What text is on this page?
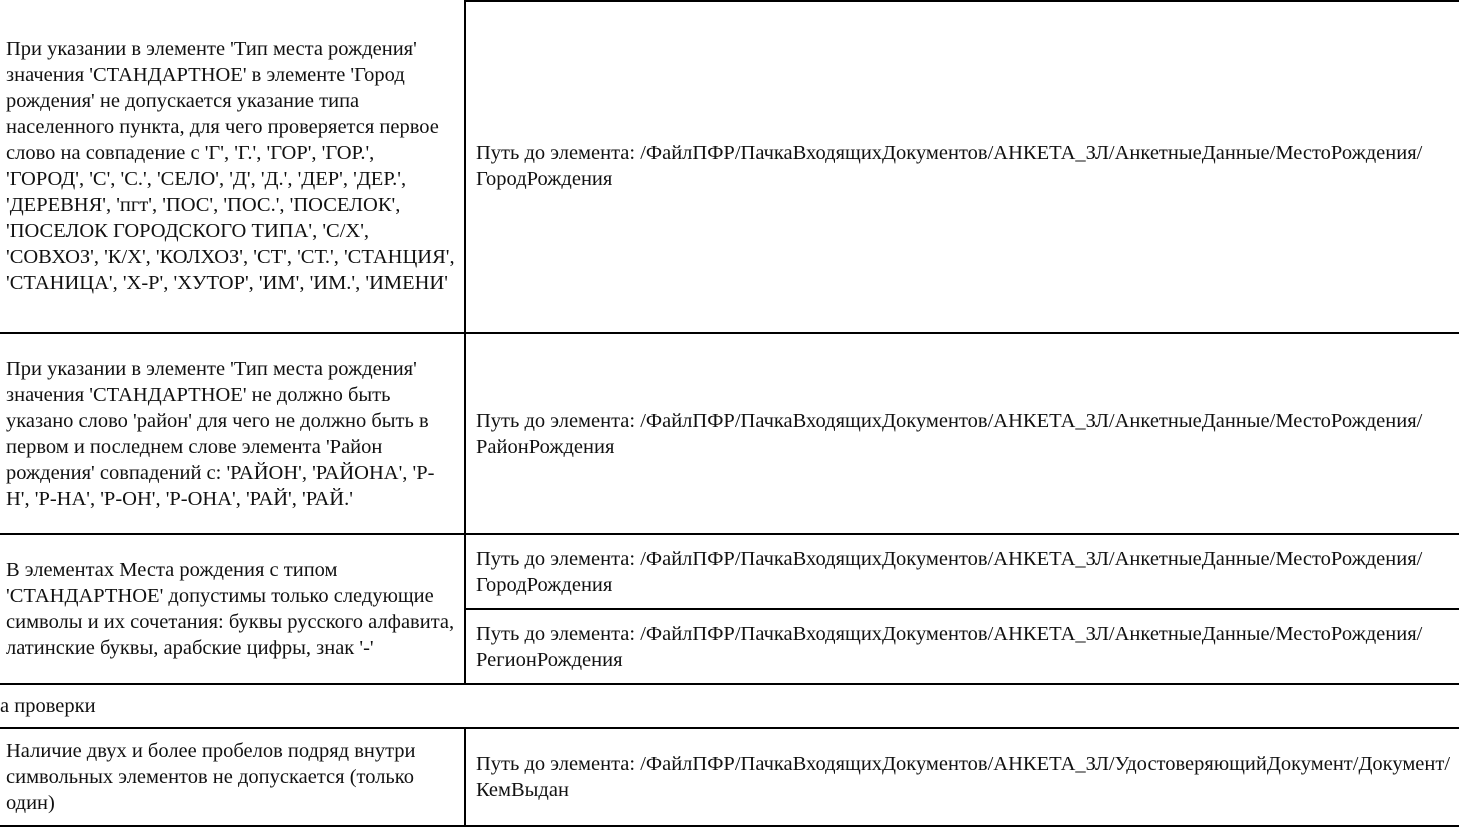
При указании в элементе 'Тип места рождения' значения 'СТАНДАРТНОЕ' в элементе 'Город рождения' не допускается указание типа населенного пункта, для чего проверяется первое слово на совпадение с 'Г', 'Г.', 'ГОР', 'ГОР.', 'ГОРОД', 'С', 'С.', 'СЕЛО', 'Д', 'Д.', 'ДЕР', 'ДЕР.', 'ДЕРЕВНЯ', 'пгт', 'ПОС', 'ПОС.', 'ПОСЕЛОК', 'ПОСЕЛОК ГОРОДСКОГО ТИПА', 'С/Х', 'СОВХОЗ', 'К/Х', 'КОЛХОЗ', 'СТ', 'СТ.', 'СТАНЦИЯ', 'СТАНИЦА', 'Х-Р', 'ХУТОР', 'ИМ', 'ИМ.', 'ИМЕНИ'	Путь до элемента: /ФайлПФР/ПачкаВходящихДокументов/АНКЕТА_ЗЛ/АнкетныеДанные/МестоРождения/ГородРождения
При указании в элементе 'Тип места рождения' значения 'СТАНДАРТНОЕ' не должно быть указано слово 'район' для чего не должно быть в первом и последнем слове элемента 'Район рождения' совпадений с: 'РАЙОН', 'РАЙОНА', 'Р-Н', 'Р-НА', 'Р-ОН', 'Р-ОНА', 'РАЙ', 'РАЙ.'	Путь до элемента: /ФайлПФР/ПачкаВходящихДокументов/АНКЕТА_ЗЛ/АнкетныеДанные/МестоРождения/РайонРождения
В элементах Места рождения с типом 'СТАНДАРТНОЕ' допустимы только следующие символы и их сочетания: буквы русского алфавита, латинские буквы, арабские цифры, знак '-'	Путь до элемента: /ФайлПФР/ПачкаВходящихДокументов/АНКЕТА_ЗЛ/АнкетныеДанные/МестоРождения/ГородРождения
	Путь до элемента: /ФайлПФР/ПачкаВходящихДокументов/АНКЕТА_ЗЛ/АнкетныеДанные/МестоРождения/РегионРождения
а проверки
Наличие двух и более пробелов подряд внутри символьных элементов не допускается (только один)	Путь до элемента: /ФайлПФР/ПачкаВходящихДокументов/АНКЕТА_ЗЛ/УдостоверяющийДокумент/Документ/КемВыдан
